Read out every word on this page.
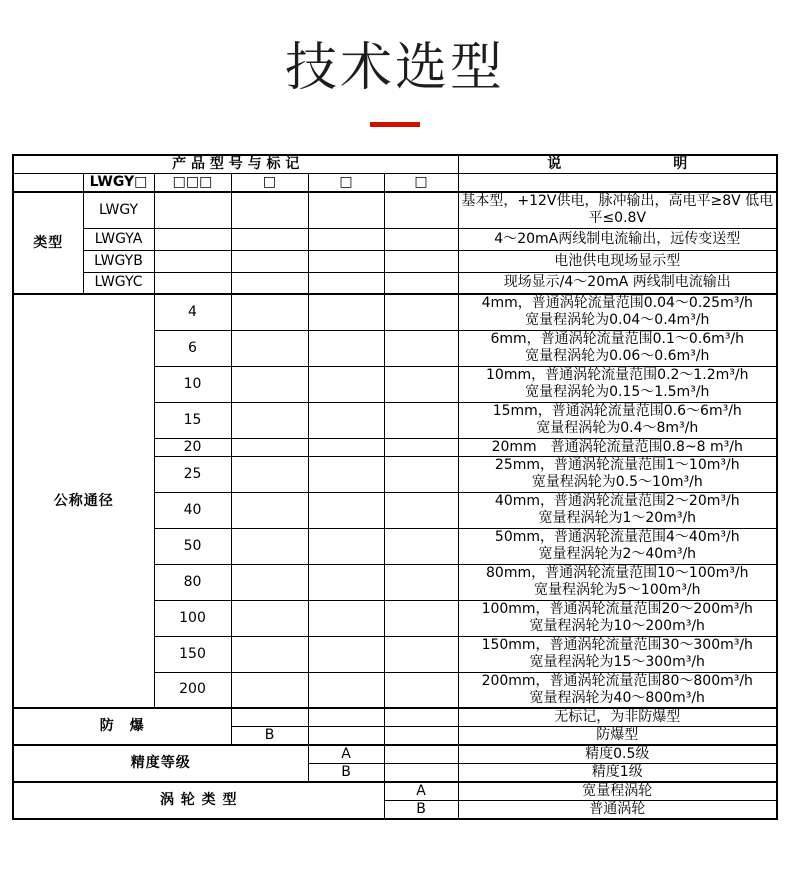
技术选型
产 品 型 号 与 标 记						说　　　　　　　　明
	LWGY□	□□□	□	□	□	
类型	LWGY					基本型，+12V供电，脉冲输出，高电平≥8V 低电平≤0.8V
	LWGYA					4～20mA两线制电流输出，远传变送型
	LWGYB					电池供电现场显示型
	LWGYC					现场显示/4～20mA 两线制电流输出
公称通径		4				4mm，普通涡轮流量范围0.04～0.25m³/h
宽量程涡轮为0.04～0.4m³/h

		6				6mm，普通涡轮流量范围0.1～0.6m³/h
宽量程涡轮为0.06～0.6m³/h

		10				10mm，普通涡轮流量范围0.2～1.2m³/h
宽量程涡轮为0.15～1.5m³/h

		15				15mm，普通涡轮流量范围0.6～6m³/h
宽量程涡轮为0.4～8m³/h

		20				20mm　普通涡轮流量范围0.8~8 m³/h

		25				25mm，普通涡轮流量范围1～10m³/h
宽量程涡轮为0.5～10m³/h

		40				40mm，普通涡轮流量范围2～20m³/h
宽量程涡轮为1～20m³/h

		50				50mm，普通涡轮流量范围4～40m³/h
宽量程涡轮为2～40m³/h

		80				80mm，普通涡轮流量范围10～100m³/h
宽量程涡轮为5～100m³/h

		100				100mm，普通涡轮流量范围20～200m³/h
宽量程涡轮为10～200m³/h

		150				150mm，普通涡轮流量范围30～300m³/h
宽量程涡轮为15～300m³/h

		200				200mm，普通涡轮流量范围80～800m³/h
宽量程涡轮为40～800m³/h

防　爆						无标记，为非防爆型
			B			防爆型
精度等级				A		精度0.5级
				B		精度1级
涡 轮 类 型					A	宽量程涡轮
					B	普通涡轮
